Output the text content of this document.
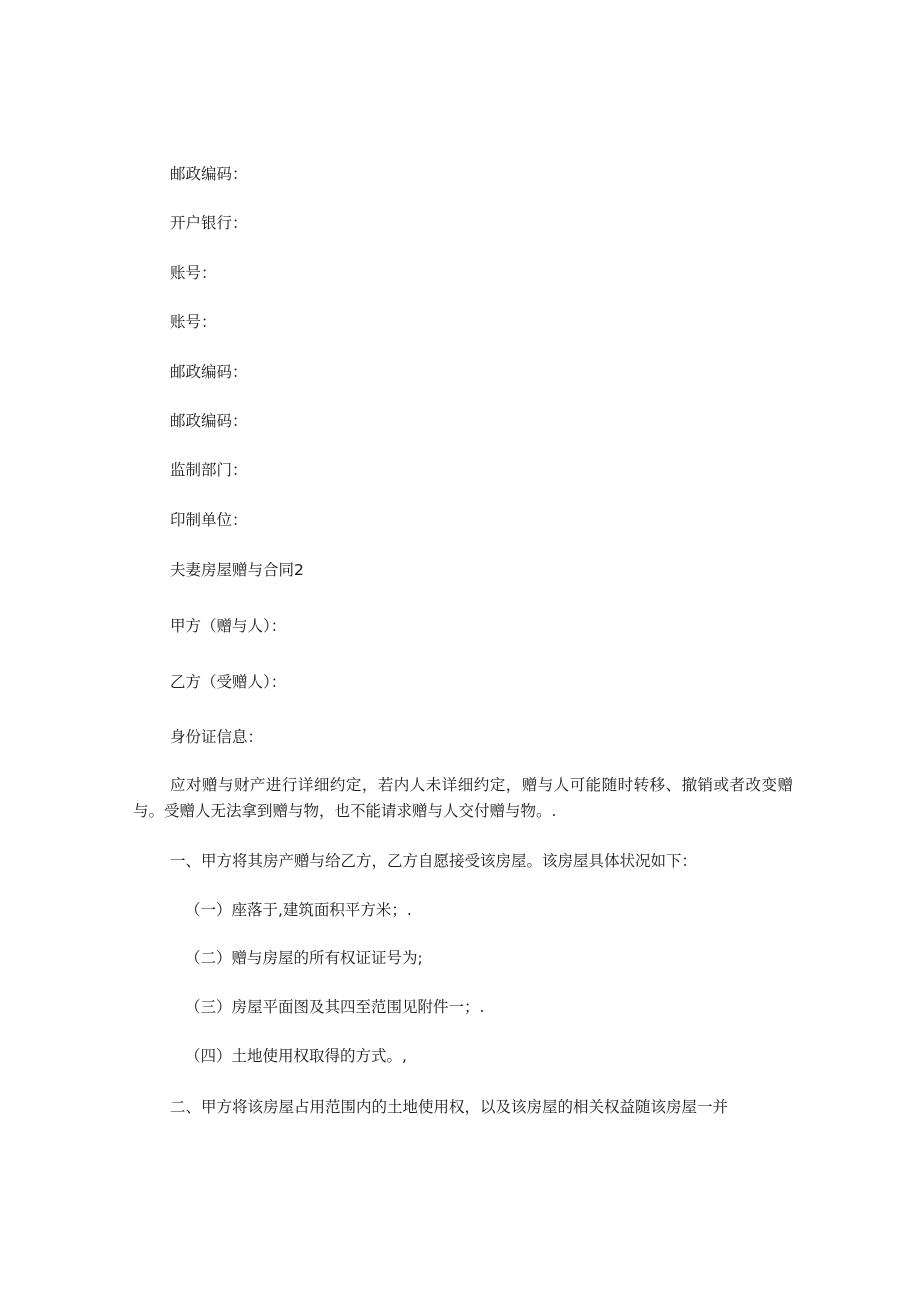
邮政编码：
开户银行：
账号：
账号：
邮政编码：
邮政编码：
监制部门：
印制单位：
夫妻房屋赠与合同2
甲方（赠与人）：
乙方（受赠人）：
身份证信息：
应对赠与财产进行详细约定，若内人未详细约定，赠与人可能随时转移、撤销或者改变赠与。受赠人无法拿到赠与物，也不能请求赠与人交付赠与物。.
一、甲方将其房产赠与给乙方，乙方自愿接受该房屋。该房屋具体状况如下：
（一）座落于,建筑面积平方米；.
（二）赠与房屋的所有权证证号为;
（三）房屋平面图及其四至范围见附件一；.
（四）土地使用权取得的方式。,
二、甲方将该房屋占用范围内的土地使用权，以及该房屋的相关权益随该房屋一并
